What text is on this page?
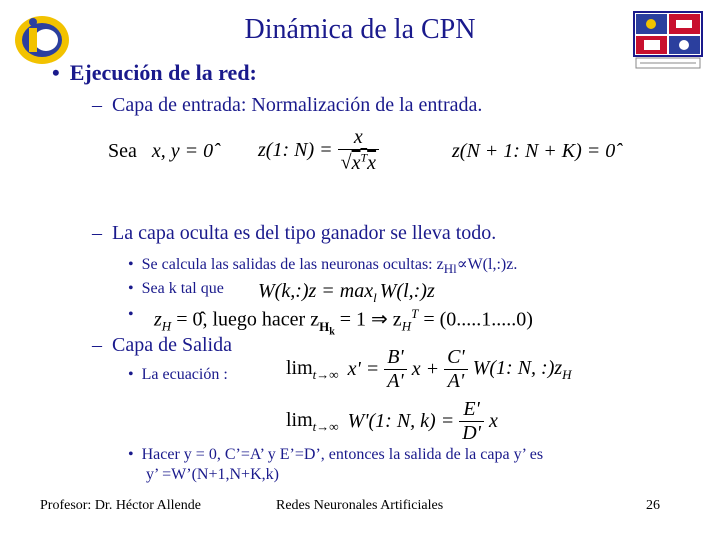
Dinámica de la CPN
• Ejecución de la red:
– Capa de entrada: Normalización de la entrada.
Sea x, y = 0̂ z(1: $N) = \frac{x}{√x^Tx}$	z(N + 1: N + K) = 0̂
– La capa oculta es del tipo ganador se lleva todo.
• Se calcula las salidas de las neuronas ocultas: $z_{Hl}\propto W(l,:)z$.
• Sea k tal que W(k,:)z = $\max_l$ W(l,:)z
•	$z_H$ = 0̂, luego hacer $z_{H_k} = 1$ ⇒ $z_H^T = (0.....1.....0)$
– Capa de Salida
• La ecuación :	$\lim_{t\to\infty} x' = \frac{B'}{A'}$ $x + \frac{C'}{A'} W(1$: N, $:)z_H$
$\lim_{t\to\infty} W'(1$: N, $k) = \frac{E'}{D'}$ x
• Hacer y = 0, C’=A’ y E’=D’, entonces la salida de la capa y’ es
y’ =W’(N+1,N+K,k)
Profesor: Dr. Héctor Allende	Redes Neuronales Artificiales	26
